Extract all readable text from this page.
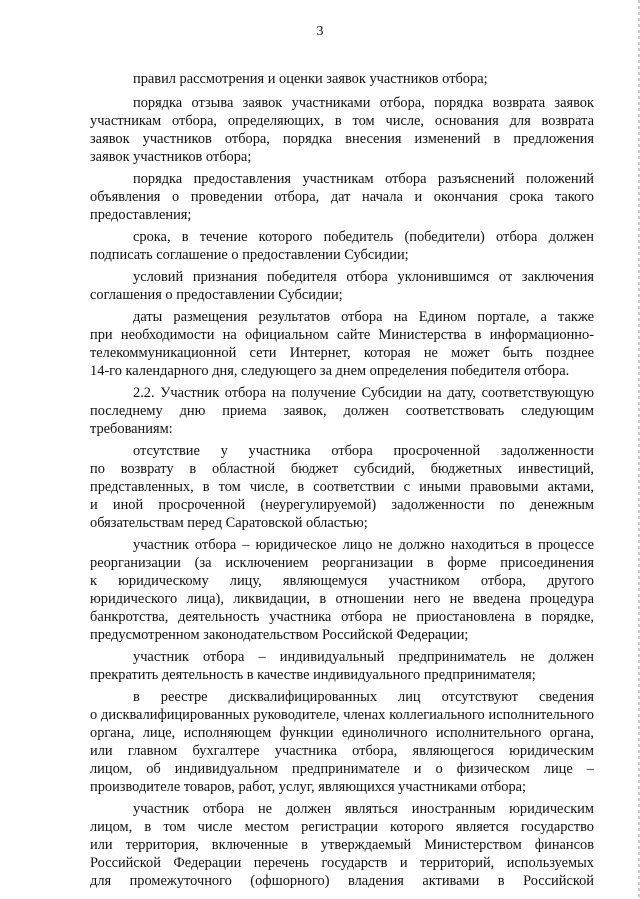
3
правил рассмотрения и оценки заявок участников отбора;
порядка отзыва заявок участниками отбора, порядка возврата заявок
участникам отбора, определяющих, в том числе, основания для возврата
заявок участников отбора, порядка внесения изменений в предложения
заявок участников отбора;
порядка предоставления участникам отбора разъяснений положений
объявления о проведении отбора, дат начала и окончания срока такого
предоставления;
срока, в течение которого победитель (победители) отбора должен
подписать соглашение о предоставлении Субсидии;
условий признания победителя отбора уклонившимся от заключения
соглашения о предоставлении Субсидии;
даты размещения результатов отбора на Едином портале, а также
при необходимости на официальном сайте Министерства в информационно-
телекоммуникационной сети Интернет, которая не может быть позднее
14-го календарного дня, следующего за днем определения победителя отбора.
2.2. Участник отбора на получение Субсидии на дату, соответствующую
последнему дню приема заявок, должен соответствовать следующим
требованиям:
отсутствие у участника отбора просроченной задолженности
по возврату в областной бюджет субсидий, бюджетных инвестиций,
представленных, в том числе, в соответствии с иными правовыми актами,
и иной просроченной (неурегулируемой) задолженности по денежным
обязательствам перед Саратовской областью;
участник отбора – юридическое лицо не должно находиться в процессе
реорганизации (за исключением реорганизации в форме присоединения
к юридическому лицу, являющемуся участником отбора, другого
юридического лица), ликвидации, в отношении него не введена процедура
банкротства, деятельность участника отбора не приостановлена в порядке,
предусмотренном законодательством Российской Федерации;
участник отбора – индивидуальный предприниматель не должен
прекратить деятельность в качестве индивидуального предпринимателя;
в реестре дисквалифицированных лиц отсутствуют сведения
о дисквалифицированных руководителе, членах коллегиального исполнительного
органа, лице, исполняющем функции единоличного исполнительного органа,
или главном бухгалтере участника отбора, являющегося юридическим
лицом, об индивидуальном предпринимателе и о физическом лице –
производителе товаров, работ, услуг, являющихся участниками отбора;
участник отбора не должен являться иностранным юридическим
лицом, в том числе местом регистрации которого является государство
или территория, включенные в утверждаемый Министерством финансов
Российской Федерации перечень государств и территорий, используемых
для промежуточного (офшорного) владения активами в Российской
